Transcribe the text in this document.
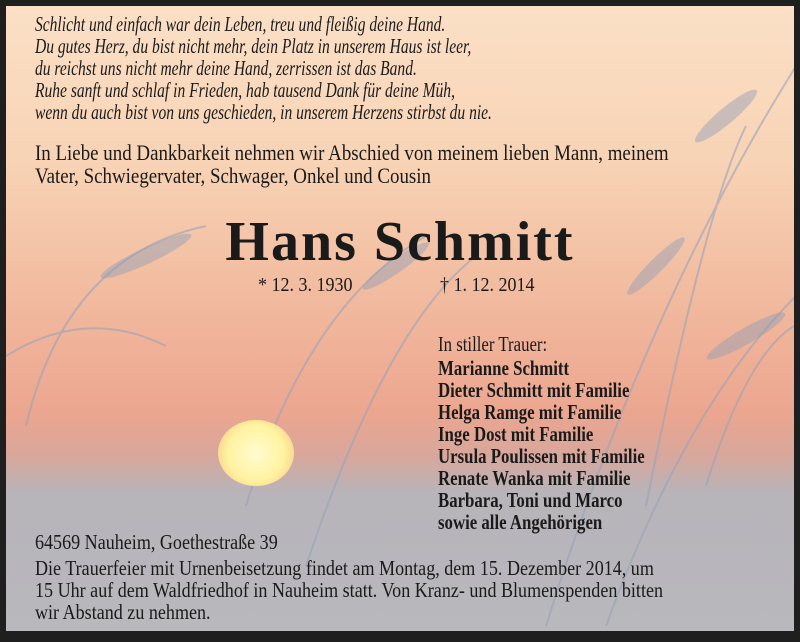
Schlicht und einfach war dein Leben, treu und fleißig deine Hand.
Du gutes Herz, du bist nicht mehr, dein Platz in unserem Haus ist leer,
du reichst uns nicht mehr deine Hand, zerrissen ist das Band.
Ruhe sanft und schlaf in Frieden, hab tausend Dank für deine Müh,
wenn du auch bist von uns geschieden, in unserem Herzens stirbst du nie.
In Liebe und Dankbarkeit nehmen wir Abschied von meinem lieben Mann, meinem
Vater, Schwiegervater, Schwager, Onkel und Cousin
Hans Schmitt
* 12. 3. 1930	† 1. 12. 2014
In stiller Trauer:
Marianne Schmitt
Dieter Schmitt mit Familie
Helga Ramge mit Familie
Inge Dost mit Familie
Ursula Poulissen mit Familie
Renate Wanka mit Familie
Barbara, Toni und Marco
sowie alle Angehörigen
64569 Nauheim, Goethestraße 39
Die Trauerfeier mit Urnenbeisetzung findet am Montag, dem 15. Dezember 2014, um
15 Uhr auf dem Waldfriedhof in Nauheim statt. Von Kranz- und Blumenspenden bitten
wir Abstand zu nehmen.
